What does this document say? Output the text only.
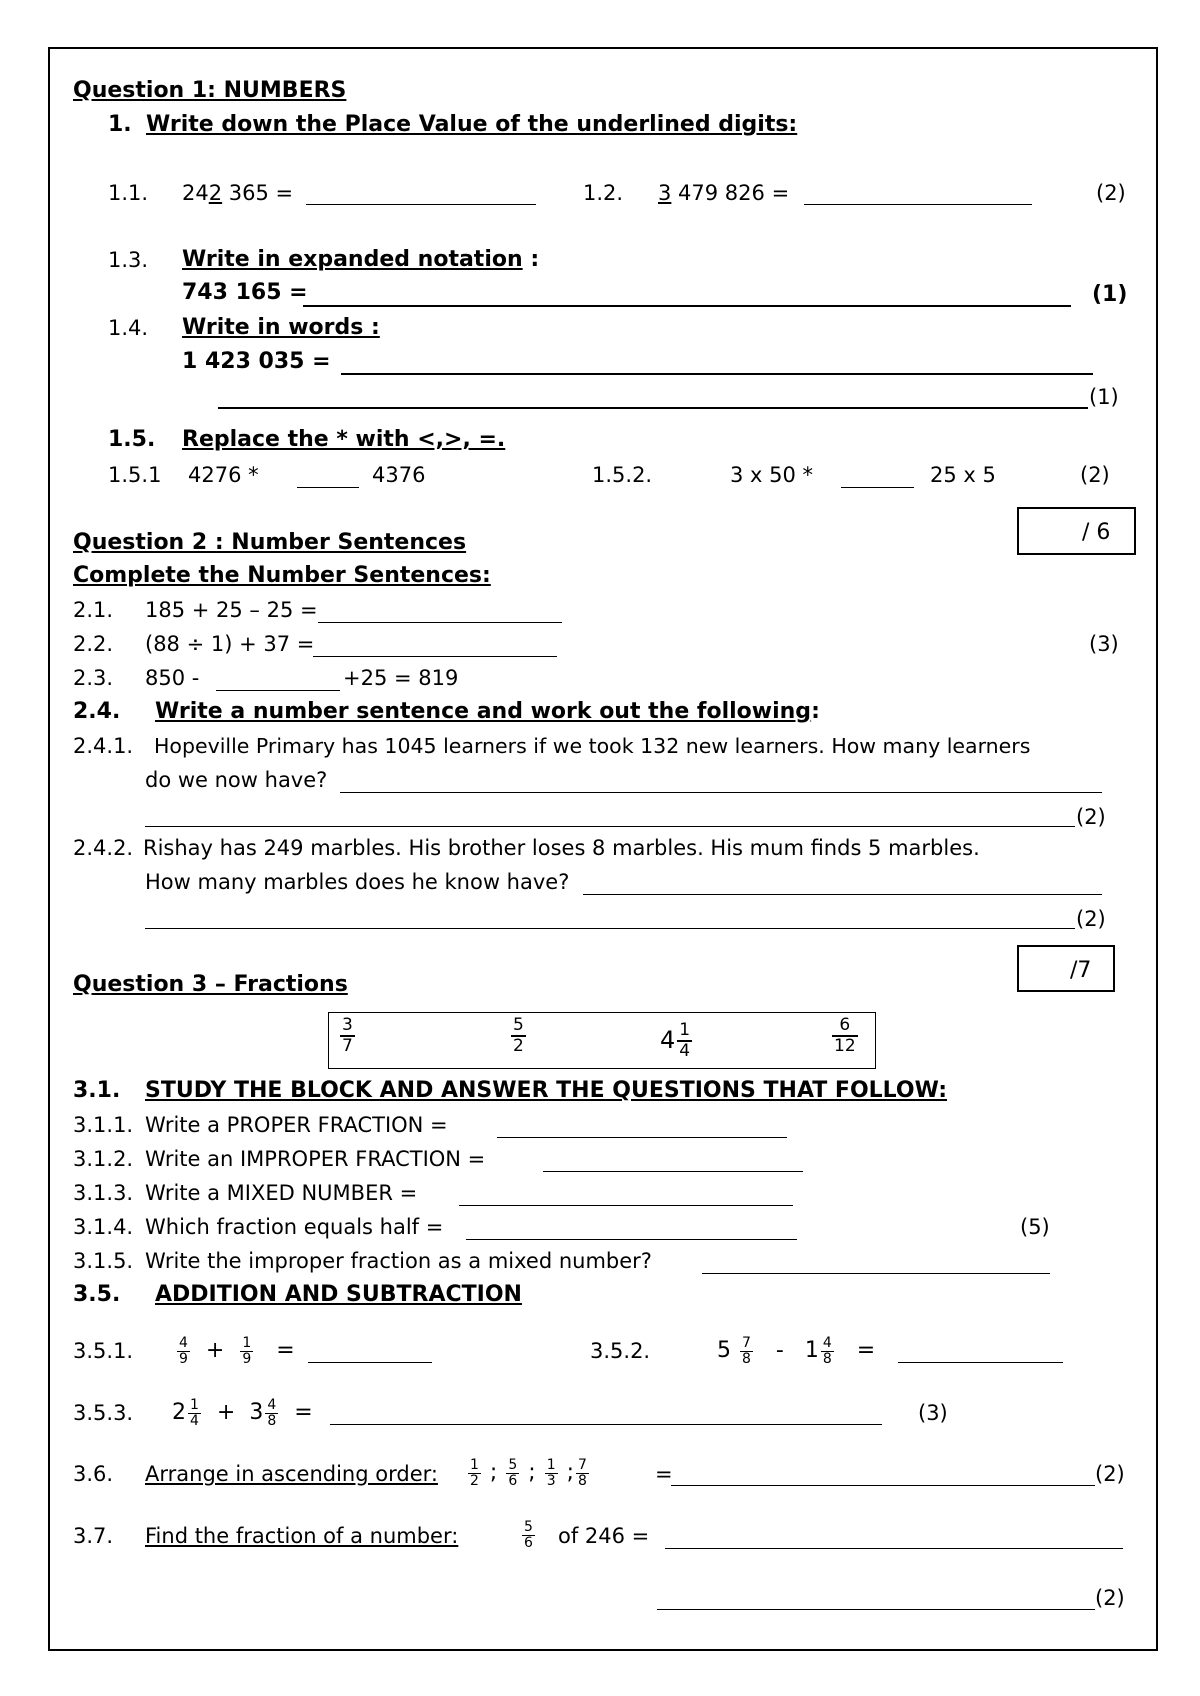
Question 1: NUMBERS
1. Write down the Place Value of the underlined digits:
1.1. 242 365 =	1.2. 3 479 826 =	(2)
1.3. Write in expanded notation :
743 165 =	(1)
1.4. Write in words :
1 423 035 =
(1)
1.5. Replace the * with <,>, =.
1.5.1 4276 *	4376	1.5.2.	3 x 50 *	25 x 5	(2)
/ 6
Question 2 : Number Sentences
Complete the Number Sentences:
2.1. 185 + 25 – 25 =
2.2. (88 ÷ 1) + 37 =	(3)
2.3. 850 -	+25 = 819
2.4. Write a number sentence and work out the following:
2.4.1. Hopeville Primary has 1045 learners if we took 132 new learners. How many learners
do we now have?
(2)
2.4.2. Rishay has 249 marbles. His brother loses 8 marbles. His mum finds 5 marbles.
How many marbles does he know have?
(2)
/7
Question 3 – Fractions
$\frac{3}{7}$	$\frac{5}{2}$	$4 \frac{1}{4}$	$\frac{6}{12}$
3.1. STUDY THE BLOCK AND ANSWER THE QUESTIONS THAT FOLLOW:
3.1.1. Write a PROPER FRACTION =
3.1.2. Write an IMPROPER FRACTION =
3.1.3. Write a MIXED NUMBER =
3.1.4. Which fraction equals half =	(5)
3.1.5. Write the improper fraction as a mixed number?
3.5. ADDITION AND SUBTRACTION
3.5.1.	$\frac{4}{9} + \frac{1}{9}$ =	3.5.2.	$5 \frac{7}{8} - 1 \frac{4}{8}$ =
3.5.3. $2 \frac{1}{4} + 3 \frac{4}{8}$ =	(3)
3.6. Arrange in ascending order: $\frac{1}{2}$ ; $\frac{5}{6}$ ; $\frac{1}{3}$ ; $\frac{7}{8}$	=	(2)
3.7. Find the fraction of a number:	$\frac{5}{6}$ of 246 =
(2)
